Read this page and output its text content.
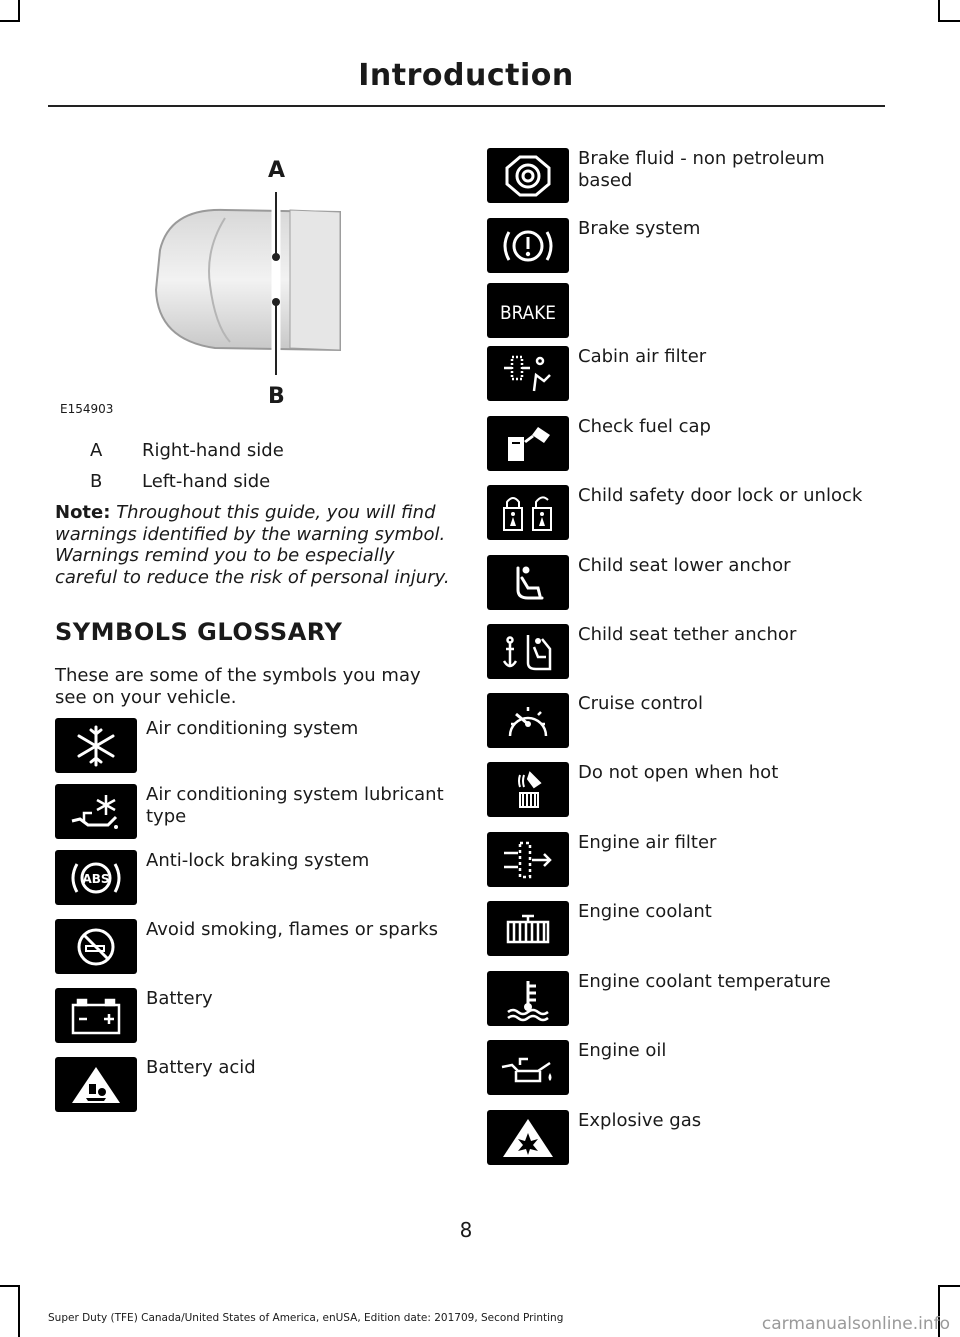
Introduction
A
B
E154903
A Right-hand side
B Left-hand side
Note: Throughout this guide, you will find warnings identified by the warning symbol. Warnings remind you to be especially careful to reduce the risk of personal injury.
SYMBOLS GLOSSARY
These are some of the symbols you may see on your vehicle.
Air conditioning system
Air conditioning system lubricant type
ABS
Anti-lock braking system
Avoid smoking, flames or sparks
Battery
Battery acid
Brake fluid - non petroleum based
Brake system
BRAKE
Cabin air filter
Check fuel cap
Child safety door lock or unlock
Child seat lower anchor
Child seat tether anchor
Cruise control
Do not open when hot
Engine air filter
Engine coolant
Engine coolant temperature
Engine oil
Explosive gas
8
Super Duty (TFE) Canada/United States of America, enUSA, Edition date: 201709, Second Printing	carmanualsonline.info
